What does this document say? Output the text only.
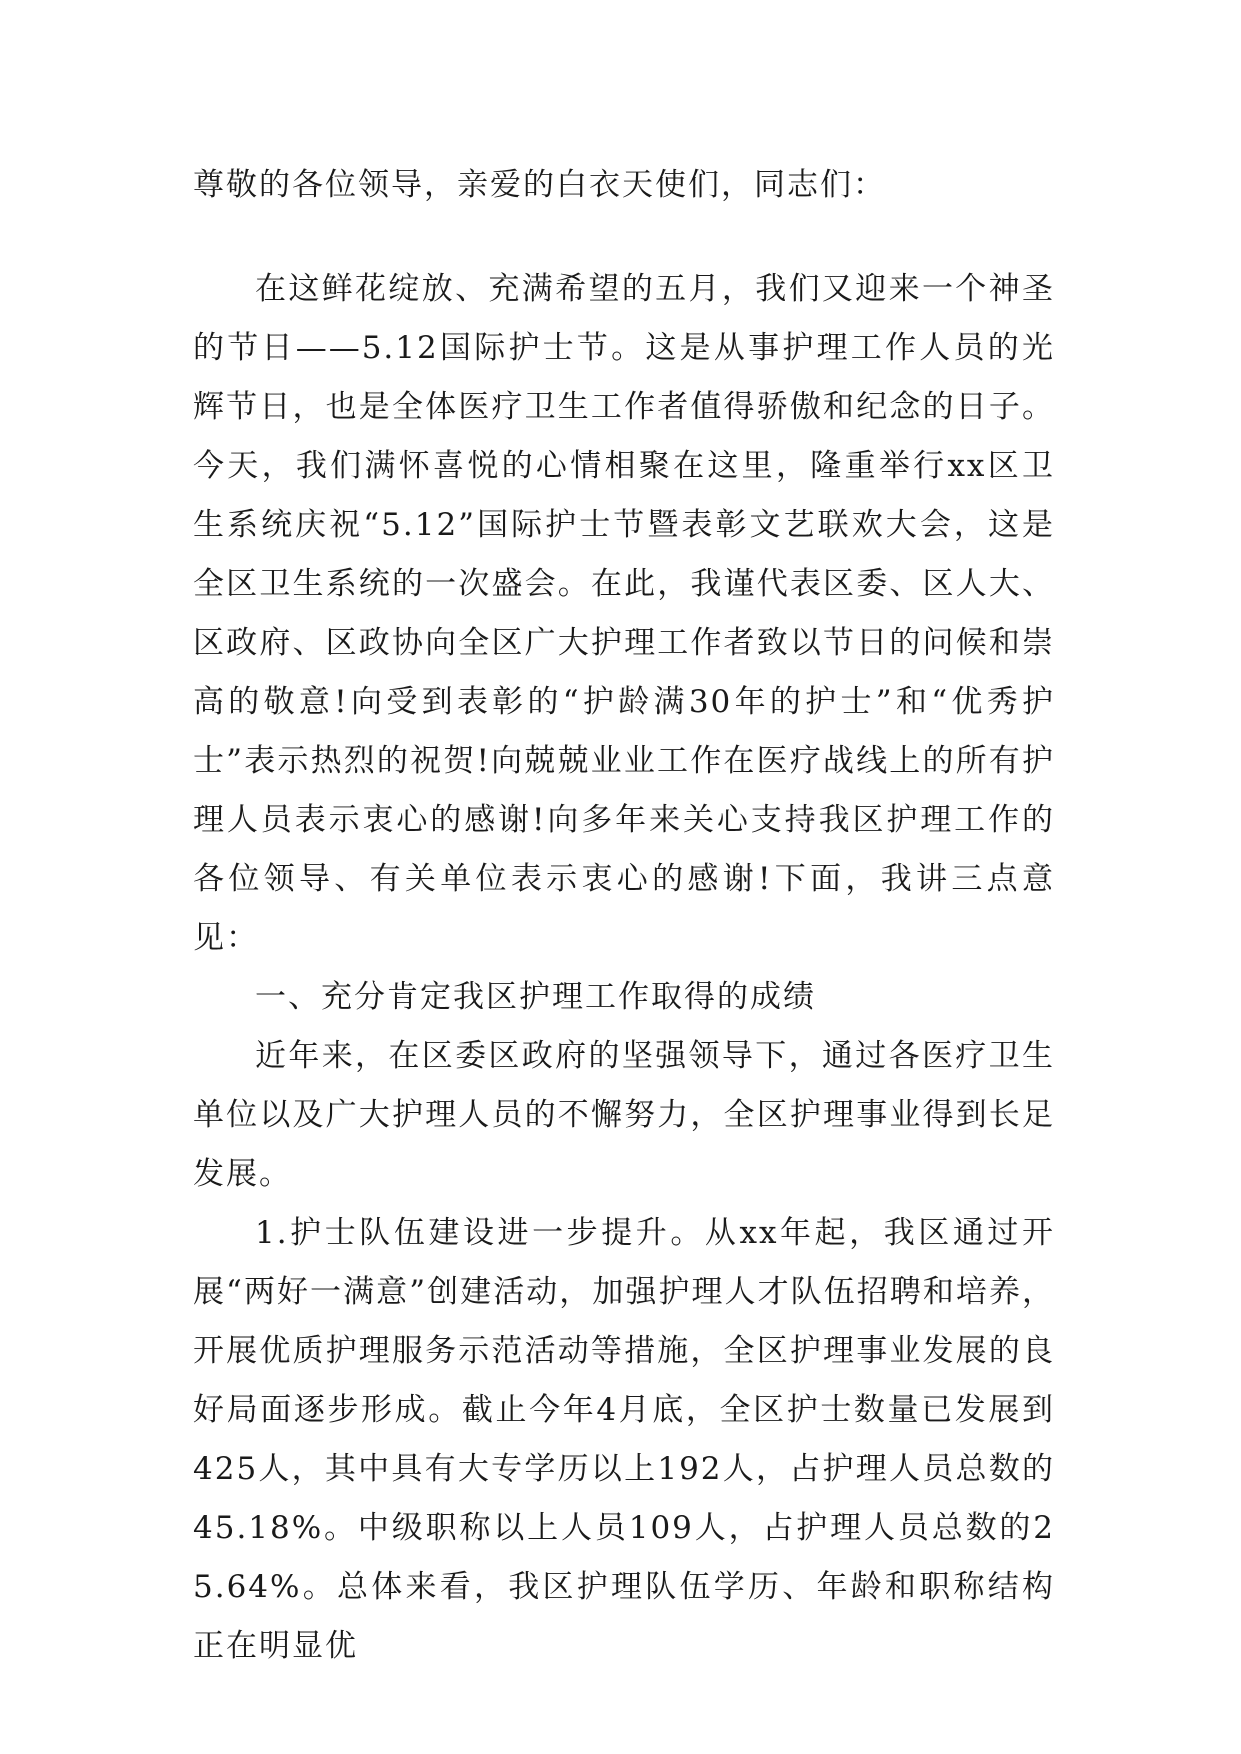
尊敬的各位领导，亲爱的白衣天使们，同志们：

在这鲜花绽放、充满希望的五月，我们又迎来一个神圣的节日——5.12国际护士节。这是从事护理工作人员的光辉节日，也是全体医疗卫生工作者值得骄傲和纪念的日子。今天，我们满怀喜悦的心情相聚在这里，隆重举行xx区卫生系统庆祝“5.12”国际护士节暨表彰文艺联欢大会，这是全区卫生系统的一次盛会。在此，我谨代表区委、区人大、区政府、区政协向全区广大护理工作者致以节日的问候和崇高的敬意!向受到表彰的“护龄满30年的护士”和“优秀护士”表示热烈的祝贺!向兢兢业业工作在医疗战线上的所有护理人员表示衷心的感谢!向多年来关心支持我区护理工作的各位领导、有关单位表示衷心的感谢!下面，我讲三点意见：

一、充分肯定我区护理工作取得的成绩

近年来，在区委区政府的坚强领导下，通过各医疗卫生单位以及广大护理人员的不懈努力，全区护理事业得到长足发展。

1.护士队伍建设进一步提升。从xx年起，我区通过开展“两好一满意”创建活动，加强护理人才队伍招聘和培养，开展优质护理服务示范活动等措施，全区护理事业发展的良好局面逐步形成。截止今年4月底，全区护士数量已发展到425人，其中具有大专学历以上192人，占护理人员总数的45.18%。中级职称以上人员109人，占护理人员总数的25.64%。总体来看，我区护理队伍学历、年龄和职称结构正在明显优
